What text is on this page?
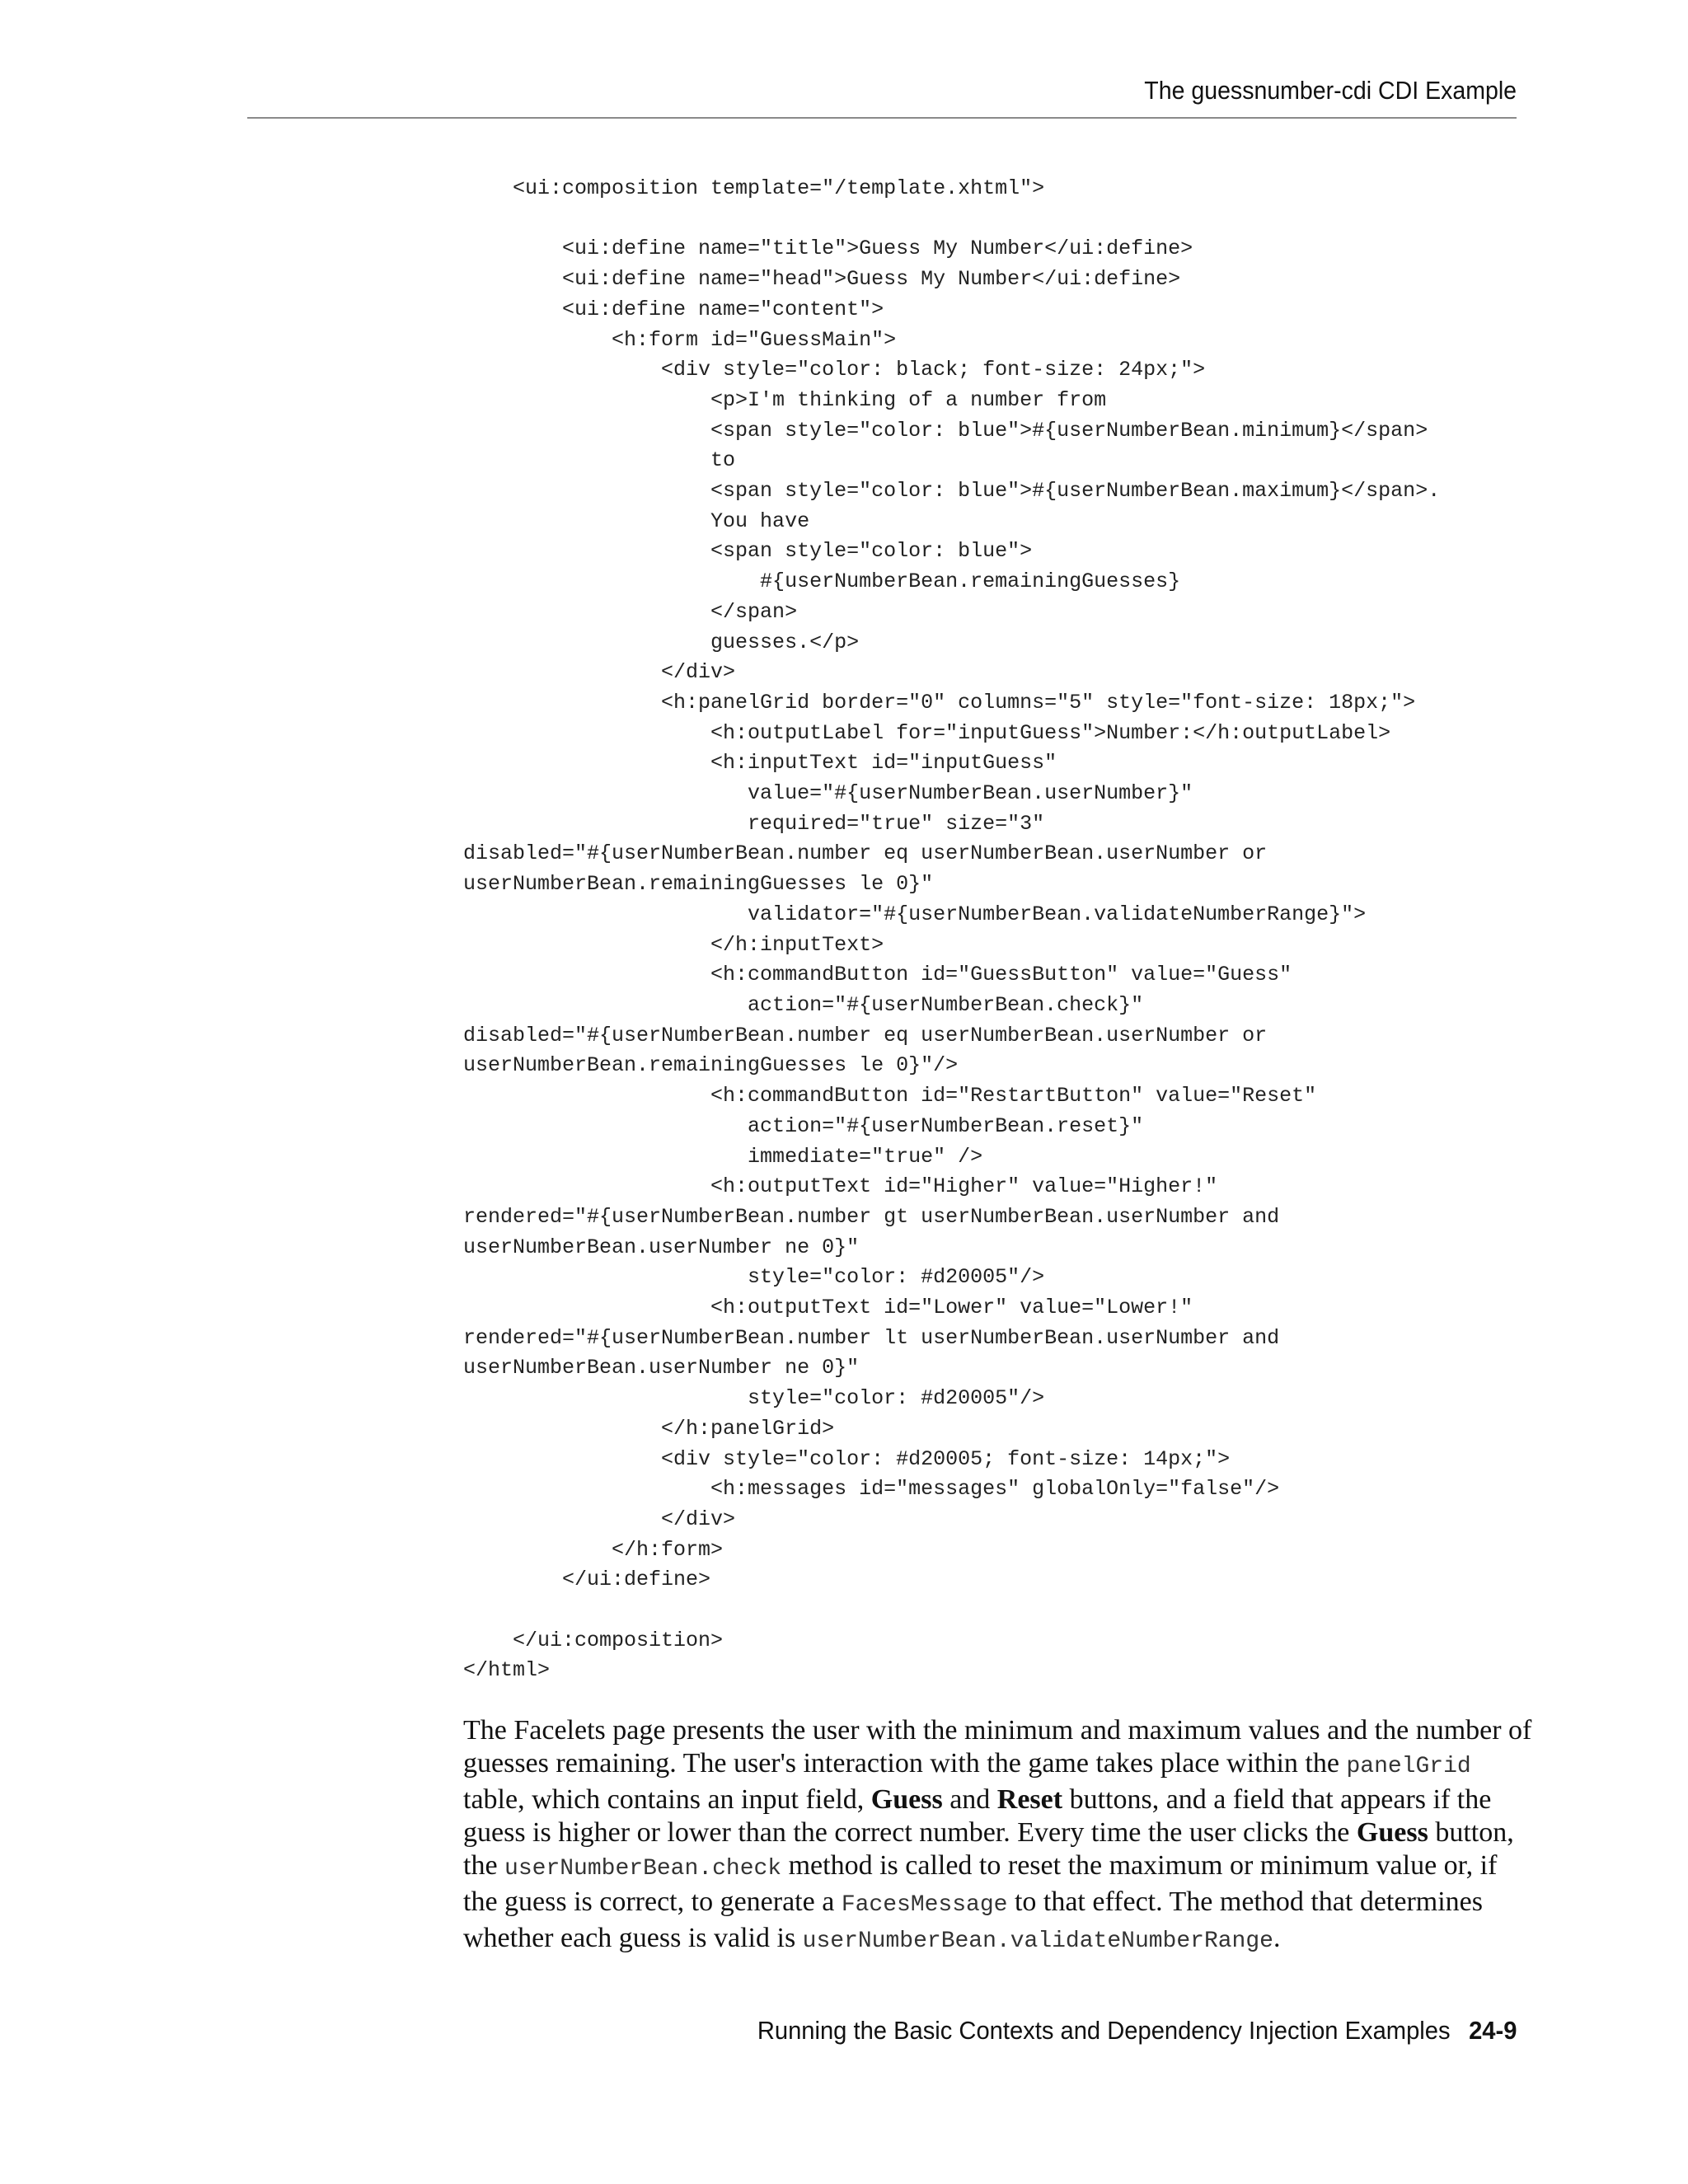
The guessnumber-cdi CDI Example
<ui:composition template="/template.xhtml">

<ui:define name="title">Guess My Number</ui:define>
<ui:define name="head">Guess My Number</ui:define>
<ui:define name="content">
<h:form id="GuessMain">
<div style="color: black; font-size: 24px;">
<p>I'm thinking of a number from
<span style="color: blue">#{userNumberBean.minimum}</span>
to
<span style="color: blue">#{userNumberBean.maximum}</span>.
You have
<span style="color: blue">
#{userNumberBean.remainingGuesses}
</span>
guesses.</p>
</div>
<h:panelGrid border="0" columns="5" style="font-size: 18px;">
<h:outputLabel for="inputGuess">Number:</h:outputLabel>
<h:inputText id="inputGuess"
value="#{userNumberBean.userNumber}"
required="true" size="3"
disabled="#{userNumberBean.number eq userNumberBean.userNumber or
userNumberBean.remainingGuesses le 0}"
validator="#{userNumberBean.validateNumberRange}">
</h:inputText>
<h:commandButton id="GuessButton" value="Guess"
action="#{userNumberBean.check}"
disabled="#{userNumberBean.number eq userNumberBean.userNumber or
userNumberBean.remainingGuesses le 0}"/>
<h:commandButton id="RestartButton" value="Reset"
action="#{userNumberBean.reset}"
immediate="true" />
<h:outputText id="Higher" value="Higher!"
rendered="#{userNumberBean.number gt userNumberBean.userNumber and
userNumberBean.userNumber ne 0}"
style="color: #d20005"/>
<h:outputText id="Lower" value="Lower!"
rendered="#{userNumberBean.number lt userNumberBean.userNumber and
userNumberBean.userNumber ne 0}"
style="color: #d20005"/>
</h:panelGrid>
<div style="color: #d20005; font-size: 14px;">
<h:messages id="messages" globalOnly="false"/>
</div>
</h:form>
</ui:define>

</ui:composition>
</html>

The Facelets page presents the user with the minimum and maximum values and the number of guesses remaining. The user's interaction with the game takes place within the panelGrid table, which contains an input field, Guess and Reset buttons, and a field that appears if the guess is higher or lower than the correct number. Every time the user clicks the Guess button, the userNumberBean.check method is called to reset the maximum or minimum value or, if the guess is correct, to generate a FacesMessage to that effect. The method that determines whether each guess is valid is userNumberBean.validateNumberRange.

Running the Basic Contexts and Dependency Injection Examples 24-9
